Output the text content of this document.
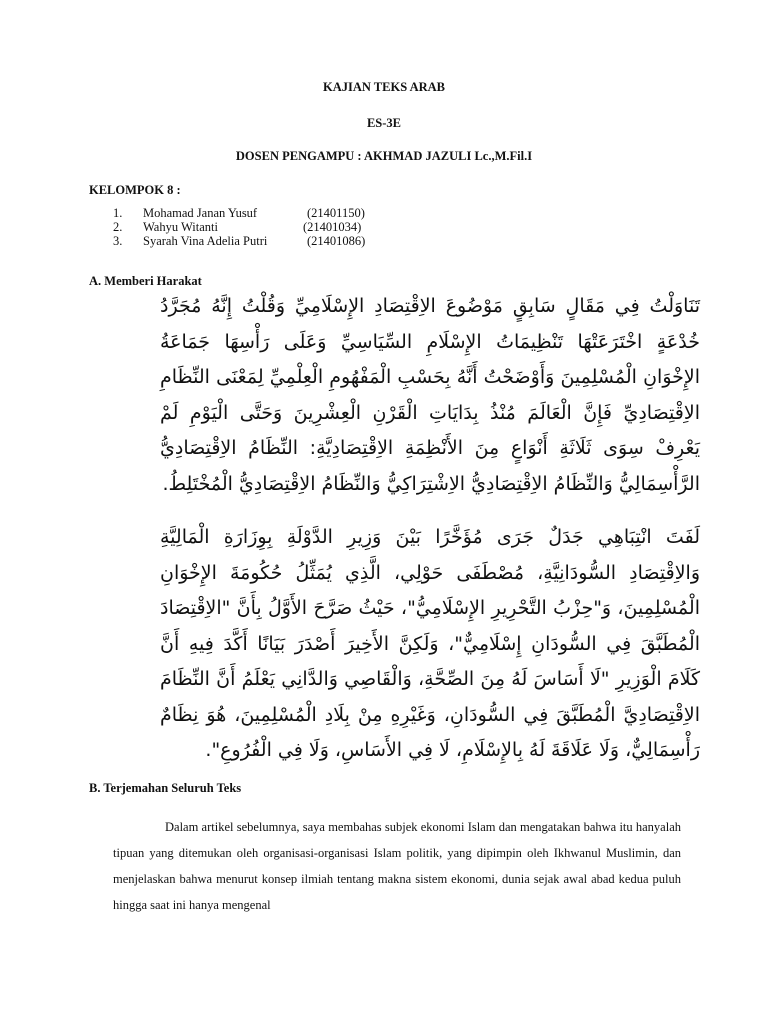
KAJIAN TEKS ARAB
ES-3E
DOSEN PENGAMPU : AKHMAD JAZULI Lc.,M.Fil.I
KELOMPOK 8 :
1.	Mohamad Janan Yusuf	(21401150)
2.	Wahyu Witanti	(21401034)
3.	Syarah Vina Adelia Putri	(21401086)
A. Memberi Harakat
تَنَاوَلْتُ فِي مَقَالٍ سَابِقٍ مَوْضُوعَ الاِقْتِصَادِ الإِسْلَامِيِّ وَقُلْتُ إِنَّهُ مُجَرَّدُ خُدْعَةٍ اخْتَرَعَتْهَا تَنْظِيمَاتُ الإِسْلَامِ السِّيَاسِيِّ وَعَلَى رَأْسِهَا جَمَاعَةُ الإِخْوَانِ الْمُسْلِمِينَ وَأَوْضَحْتُ أَنَّهُ بِحَسْبِ الْمَفْهُومِ الْعِلْمِيِّ لِمَعْنَى النِّظَامِ الاِقْتِصَادِيِّ فَإِنَّ الْعَالَمَ مُنْذُ بِدَايَاتِ الْقَرْنِ الْعِشْرِينَ وَحَتَّى الْيَوْمِ لَمْ يَعْرِفْ سِوَى ثَلَاثَةِ أَنْوَاعٍ مِنَ الأَنْظِمَةِ الاِقْتِصَادِيَّةِ: النِّظَامُ الاِقْتِصَادِيُّ الرَّأْسِمَالِيُّ وَالنِّظَامُ الاِقْتِصَادِيُّ الاِشْتِرَاكِيُّ وَالنِّظَامُ الاِقْتِصَادِيُّ الْمُخْتَلِطُ.
لَفَتَ انْتِبَاهِي جَدَلٌ جَرَى مُؤَخَّرًا بَيْنَ وَزِيرِ الدَّوْلَةِ بِوِزَارَةِ الْمَالِيَّةِ وَالاِقْتِصَادِ السُّودَانِيَّةِ، مُصْطَفَى حَوْلِي، الَّذِي يُمَثِّلُ حُكُومَةَ الإِخْوَانِ الْمُسْلِمِينَ، وَ"حِزْبُ التَّحْرِيرِ الإِسْلَامِيُّ"، حَيْثُ صَرَّحَ الأَوَّلُ بِأَنَّ "الاِقْتِصَادَ الْمُطَبَّقَ فِي السُّودَانِ إِسْلَامِيٌّ"، وَلَكِنَّ الأَخِيرَ أَصْدَرَ بَيَانًا أَكَّدَ فِيهِ أَنَّ كَلَامَ الْوَزِيرِ "لَا أَسَاسَ لَهُ مِنَ الصِّحَّةِ، وَالْقَاصِي وَالدَّانِي يَعْلَمُ أَنَّ النِّظَامَ الاِقْتِصَادِيَّ الْمُطَبَّقَ فِي السُّودَانِ، وَغَيْرِهِ مِنْ بِلَادِ الْمُسْلِمِينَ، هُوَ نِظَامٌ رَأْسِمَالِيٌّ، وَلَا عَلَاقَةَ لَهُ بِالإِسْلَامِ، لَا فِي الأَسَاسِ، وَلَا فِي الْفُرُوعِ".
B. Terjemahan Seluruh Teks
Dalam artikel sebelumnya, saya membahas subjek ekonomi Islam dan mengatakan bahwa itu hanyalah tipuan yang ditemukan oleh organisasi-organisasi Islam politik, yang dipimpin oleh Ikhwanul Muslimin, dan menjelaskan bahwa menurut konsep ilmiah tentang makna sistem ekonomi, dunia sejak awal abad kedua puluh hingga saat ini hanya mengenal
